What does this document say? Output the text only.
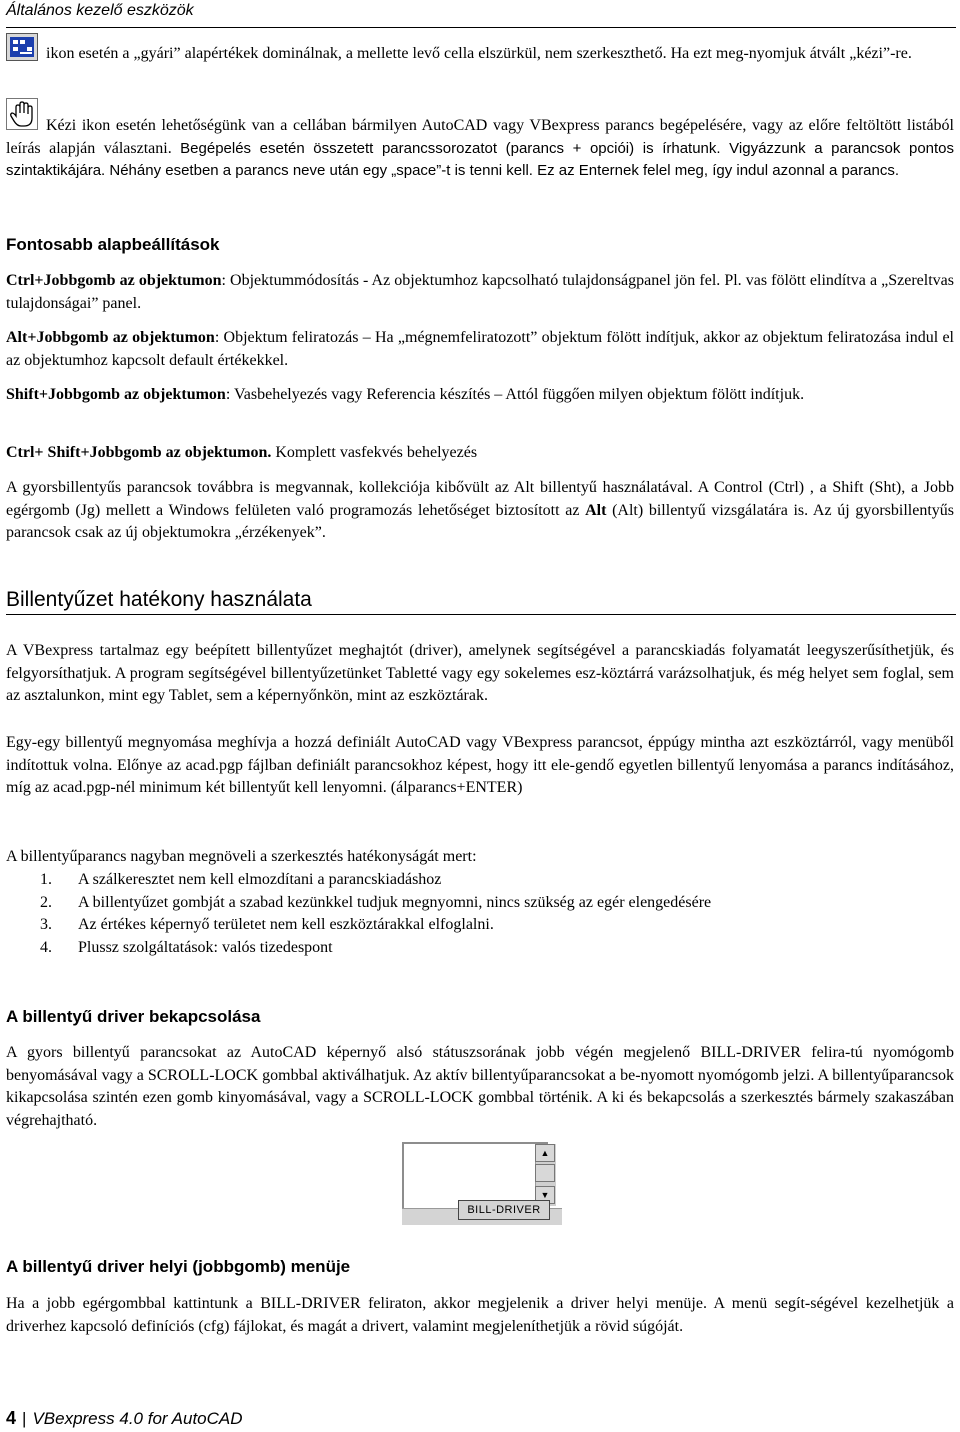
Általános kezelő eszközök
ikon esetén a „gyári” alapértékek dominálnak, a mellette levő cella elszürkül, nem szerkeszthető. Ha ezt meg-nyomjuk átvált „kézi”-re.
Kézi ikon esetén lehetőségünk van a cellában bármilyen AutoCAD vagy VBexpress parancs begépelésére, vagy az előre feltöltött listából leírás alapján választani. Begépelés esetén összetett parancssorozatot (parancs + opciói) is írhatunk. Vigyázzunk a parancsok pontos szintaktikájára. Néhány esetben a parancs neve után egy „space”-t is tenni kell. Ez az Enternek felel meg, így indul azonnal a parancs.
Fontosabb alapbeállítások
Ctrl+Jobbgomb az objektumon: Objektummódosítás - Az objektumhoz kapcsolható tulajdonságpanel jön fel. Pl. vas fölött elindítva a „Szereltvas tulajdonságai” panel.
Alt+Jobbgomb az objektumon: Objektum feliratozás – Ha „mégnemfeliratozott” objektum fölött indítjuk, akkor az objektum feliratozása indul el az objektumhoz kapcsolt default értékekkel.
Shift+Jobbgomb az objektumon: Vasbehelyezés vagy Referencia készítés – Attól függően milyen objektum fölött indítjuk.
Ctrl+ Shift+Jobbgomb az objektumon. Komplett vasfekvés behelyezés
A gyorsbillentyűs parancsok továbbra is megvannak, kollekciója kibővült az Alt billentyű használatával. A Control (Ctrl) , a Shift (Sht), a Jobb egérgomb (Jg) mellett a Windows felületen való programozás lehetőséget biztosított az Alt (Alt) billentyű vizsgálatára is. Az új gyorsbillentyűs parancsok csak az új objektumokra „érzékenyek”.
Billentyűzet hatékony használata
A VBexpress tartalmaz egy beépített billentyűzet meghajtót (driver), amelynek segítségével a parancskiadás folyamatát leegyszerűsíthetjük, és felgyorsíthatjuk. A program segítségével billentyűzetünket Tabletté vagy egy sokelemes esz-köztárrá varázsolhatjuk, és még helyet sem foglal, sem az asztalunkon, mint egy Tablet, sem a képernyőnkön, mint az eszköztárak.
Egy-egy billentyű megnyomása meghívja a hozzá definiált AutoCAD vagy VBexpress parancsot, éppúgy mintha azt eszköztárról, vagy menüből indítottuk volna. Előnye az acad.pgp fájlban definiált parancsokhoz képest, hogy itt ele-gendő egyetlen billentyű lenyomása a parancs indításához, míg az acad.pgp-nél minimum két billentyűt kell lenyomni. (álparancs+ENTER)
A billentyűparancs nagyban megnöveli a szerkesztés hatékonyságát mert:
1. A szálkeresztet nem kell elmozdítani a parancskiadáshoz
2. A billentyűzet gombját a szabad kezünkkel tudjuk megnyomni, nincs szükség az egér elengedésére
3. Az értékes képernyő területet nem kell eszköztárakkal elfoglalni.
4. Plussz szolgáltatások: valós tizedespont
A billentyű driver bekapcsolása
A gyors billentyű parancsokat az AutoCAD képernyő alsó státuszsorának jobb végén megjelenő BILL-DRIVER felira-tú nyomógomb benyomásával vagy a SCROLL-LOCK gombbal aktiválhatjuk. Az aktív billentyűparancsokat a be-nyomott nyomógomb jelzi. A billentyűparancsok kikapcsolása szintén ezen gomb kinyomásával, vagy a SCROLL-LOCK gombbal történik. A ki és bekapcsolás a szerkesztés bármely szakaszában végrehajtható.
▲
▼
BILL-DRIVER
A billentyű driver helyi (jobbgomb) menüje
Ha a jobb egérgombbal kattintunk a BILL-DRIVER feliraton, akkor megjelenik a driver helyi menüje. A menü segít-ségével kezelhetjük a driverhez kapcsoló definíciós (cfg) fájlokat, és magát a drivert, valamint megjeleníthetjük a rövid súgóját.
4 | VBexpress 4.0 for AutoCAD
